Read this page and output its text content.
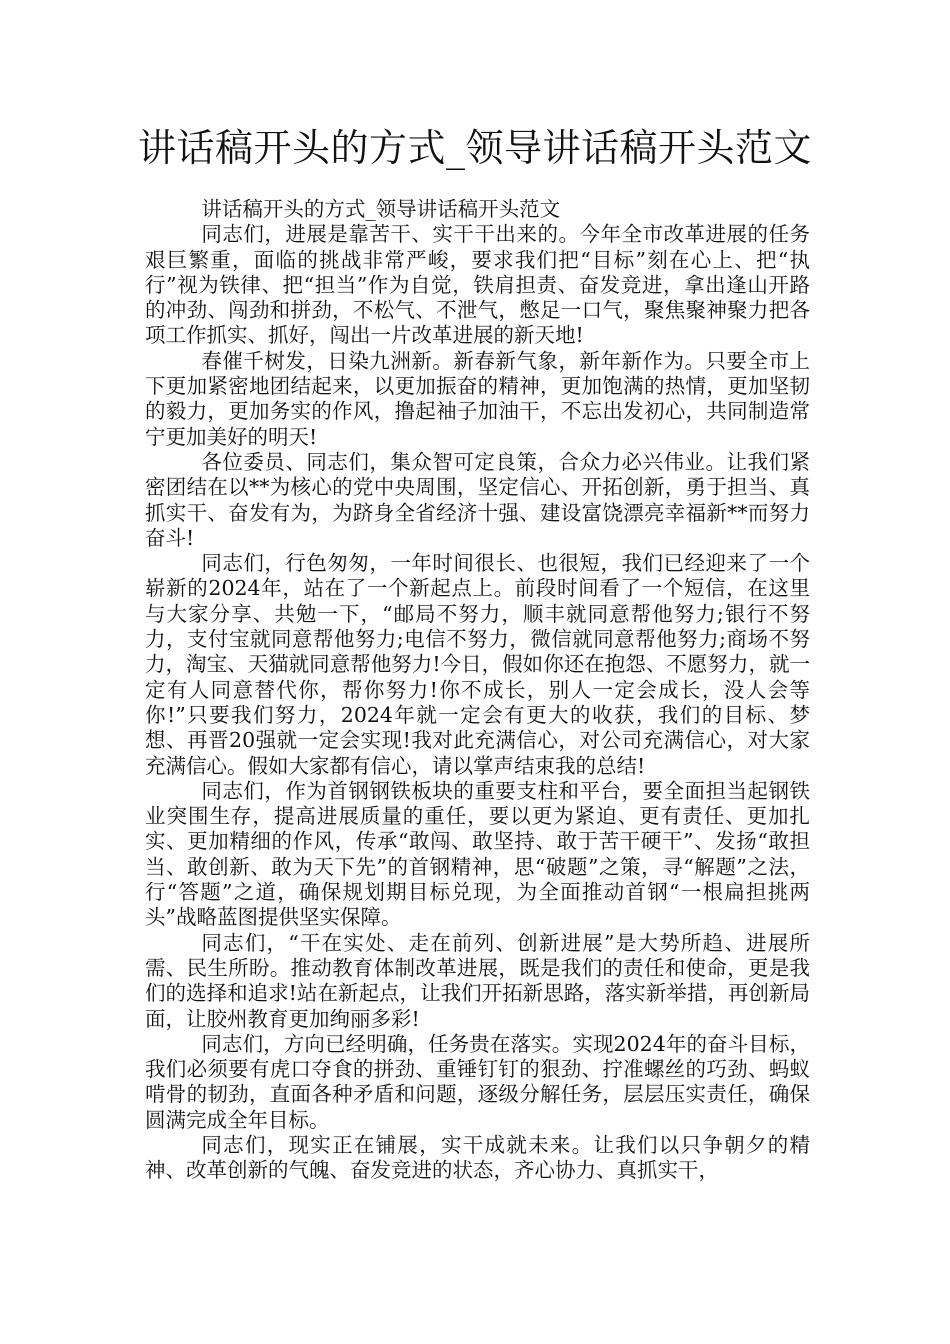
讲话稿开头的方式_领导讲话稿开头范文

讲话稿开头的方式_领导讲话稿开头范文

同志们，进展是靠苦干、实干干出来的。今年全市改革进展的任务艰巨繁重，面临的挑战非常严峻，要求我们把“目标”刻在心上、把“执行”视为铁律、把“担当”作为自觉，铁肩担责、奋发竞进，拿出逢山开路的冲劲、闯劲和拼劲，不松气、不泄气，憋足一口气，聚焦聚神聚力把各项工作抓实、抓好，闯出一片改革进展的新天地!

春催千树发，日染九洲新。新春新气象，新年新作为。只要全市上下更加紧密地团结起来，以更加振奋的精神，更加饱满的热情，更加坚韧的毅力，更加务实的作风，撸起袖子加油干，不忘出发初心，共同制造常宁更加美好的明天!

各位委员、同志们，集众智可定良策，合众力必兴伟业。让我们紧密团结在以**为核心的党中央周围，坚定信心、开拓创新，勇于担当、真抓实干、奋发有为，为跻身全省经济十强、建设富饶漂亮幸福新**而努力奋斗!

同志们，行色匆匆，一年时间很长、也很短，我们已经迎来了一个崭新的2024年，站在了一个新起点上。前段时间看了一个短信，在这里与大家分享、共勉一下，“邮局不努力，顺丰就同意帮他努力;银行不努力，支付宝就同意帮他努力;电信不努力，微信就同意帮他努力;商场不努力，淘宝、天猫就同意帮他努力!今日，假如你还在抱怨、不愿努力，就一定有人同意替代你，帮你努力!你不成长，别人一定会成长，没人会等你!”只要我们努力，2024年就一定会有更大的收获，我们的目标、梦想、再晋20强就一定会实现!我对此充满信心，对公司充满信心，对大家充满信心。假如大家都有信心，请以掌声结束我的总结!

同志们，作为首钢钢铁板块的重要支柱和平台，要全面担当起钢铁业突围生存，提高进展质量的重任，要以更为紧迫、更有责任、更加扎实、更加精细的作风，传承“敢闯、敢坚持、敢于苦干硬干”、发扬“敢担当、敢创新、敢为天下先”的首钢精神，思“破题”之策，寻“解题”之法，行“答题”之道，确保规划期目标兑现，为全面推动首钢“一根扁担挑两头”战略蓝图提供坚实保障。

同志们，“干在实处、走在前列、创新进展”是大势所趋、进展所需、民生所盼。推动教育体制改革进展，既是我们的责任和使命，更是我们的选择和追求!站在新起点，让我们开拓新思路，落实新举措，再创新局面，让胶州教育更加绚丽多彩!

同志们，方向已经明确，任务贵在落实。实现2024年的奋斗目标，我们必须要有虎口夺食的拼劲、重锤钉钉的狠劲、拧准螺丝的巧劲、蚂蚁啃骨的韧劲，直面各种矛盾和问题，逐级分解任务，层层压实责任，确保圆满完成全年目标。

同志们，现实正在铺展，实干成就未来。让我们以只争朝夕的精神、改革创新的气魄、奋发竞进的状态，齐心协力、真抓实干，
